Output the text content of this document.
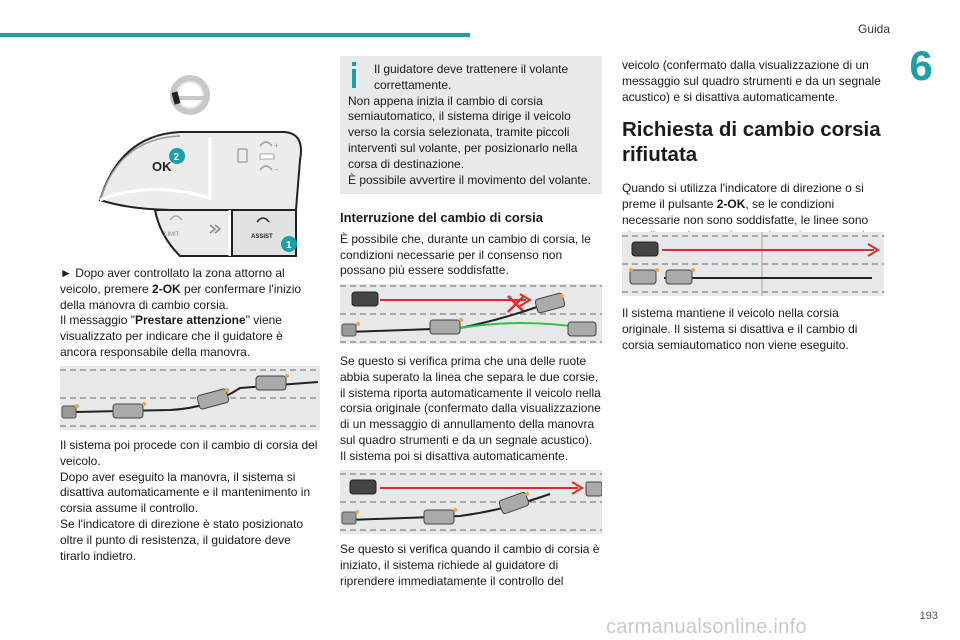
Guida
6
OK
2
+
−
LIMIT	ASSIST
1

► Dopo aver controllato la zona attorno al veicolo, premere 2-OK per confermare l'inizio della manovra di cambio corsia.
Il messaggio "Prestare attenzione" viene visualizzato per indicare che il guidatore è ancora responsabile della manovra.

Il sistema poi procede con il cambio di corsia del veicolo.
Dopo aver eseguito la manovra, il sistema si disattiva automaticamente e il mantenimento in corsia assume il controllo.
Se l'indicatore di direzione è stato posizionato oltre il punto di resistenza, il guidatore deve tirarlo indietro.

Il guidatore deve trattenere il volante correttamente.
Non appena inizia il cambio di corsia semiautomatico, il sistema dirige il veicolo verso la corsia selezionata, tramite piccoli interventi sul volante, per posizionarlo nella corsa di destinazione.
È possibile avvertire il movimento del volante.
Interruzione del cambio di corsia

È possibile che, durante un cambio di corsia, le condizioni necessarie per il consenso non possano più essere soddisfatte.

Se questo si verifica prima che una delle ruote abbia superato la linea che separa le due corsie, il sistema riporta automaticamente il veicolo nella corsia originale (confermato dalla visualizzazione di un messaggio di annullamento della manovra sul quadro strumenti e da un segnale acustico).
Il sistema poi si disattiva automaticamente.

Se questo si verifica quando il cambio di corsia è iniziato, il sistema richiede al guidatore di riprendere immediatamente il controllo del

veicolo (confermato dalla visualizzazione di un messaggio sul quadro strumenti e da un segnale acustico) e si disattiva automaticamente.

Richiesta di cambio corsia rifiutata

Quando si utilizza l'indicatore di direzione o si preme il pulsante 2-OK, se le condizioni necessarie non sono soddisfatte, le linee sono

Il sistema mantiene il veicolo nella corsia originale. Il sistema si disattiva e il cambio di corsia semiautomatico non viene eseguito.

193
carmanualsonline.info
